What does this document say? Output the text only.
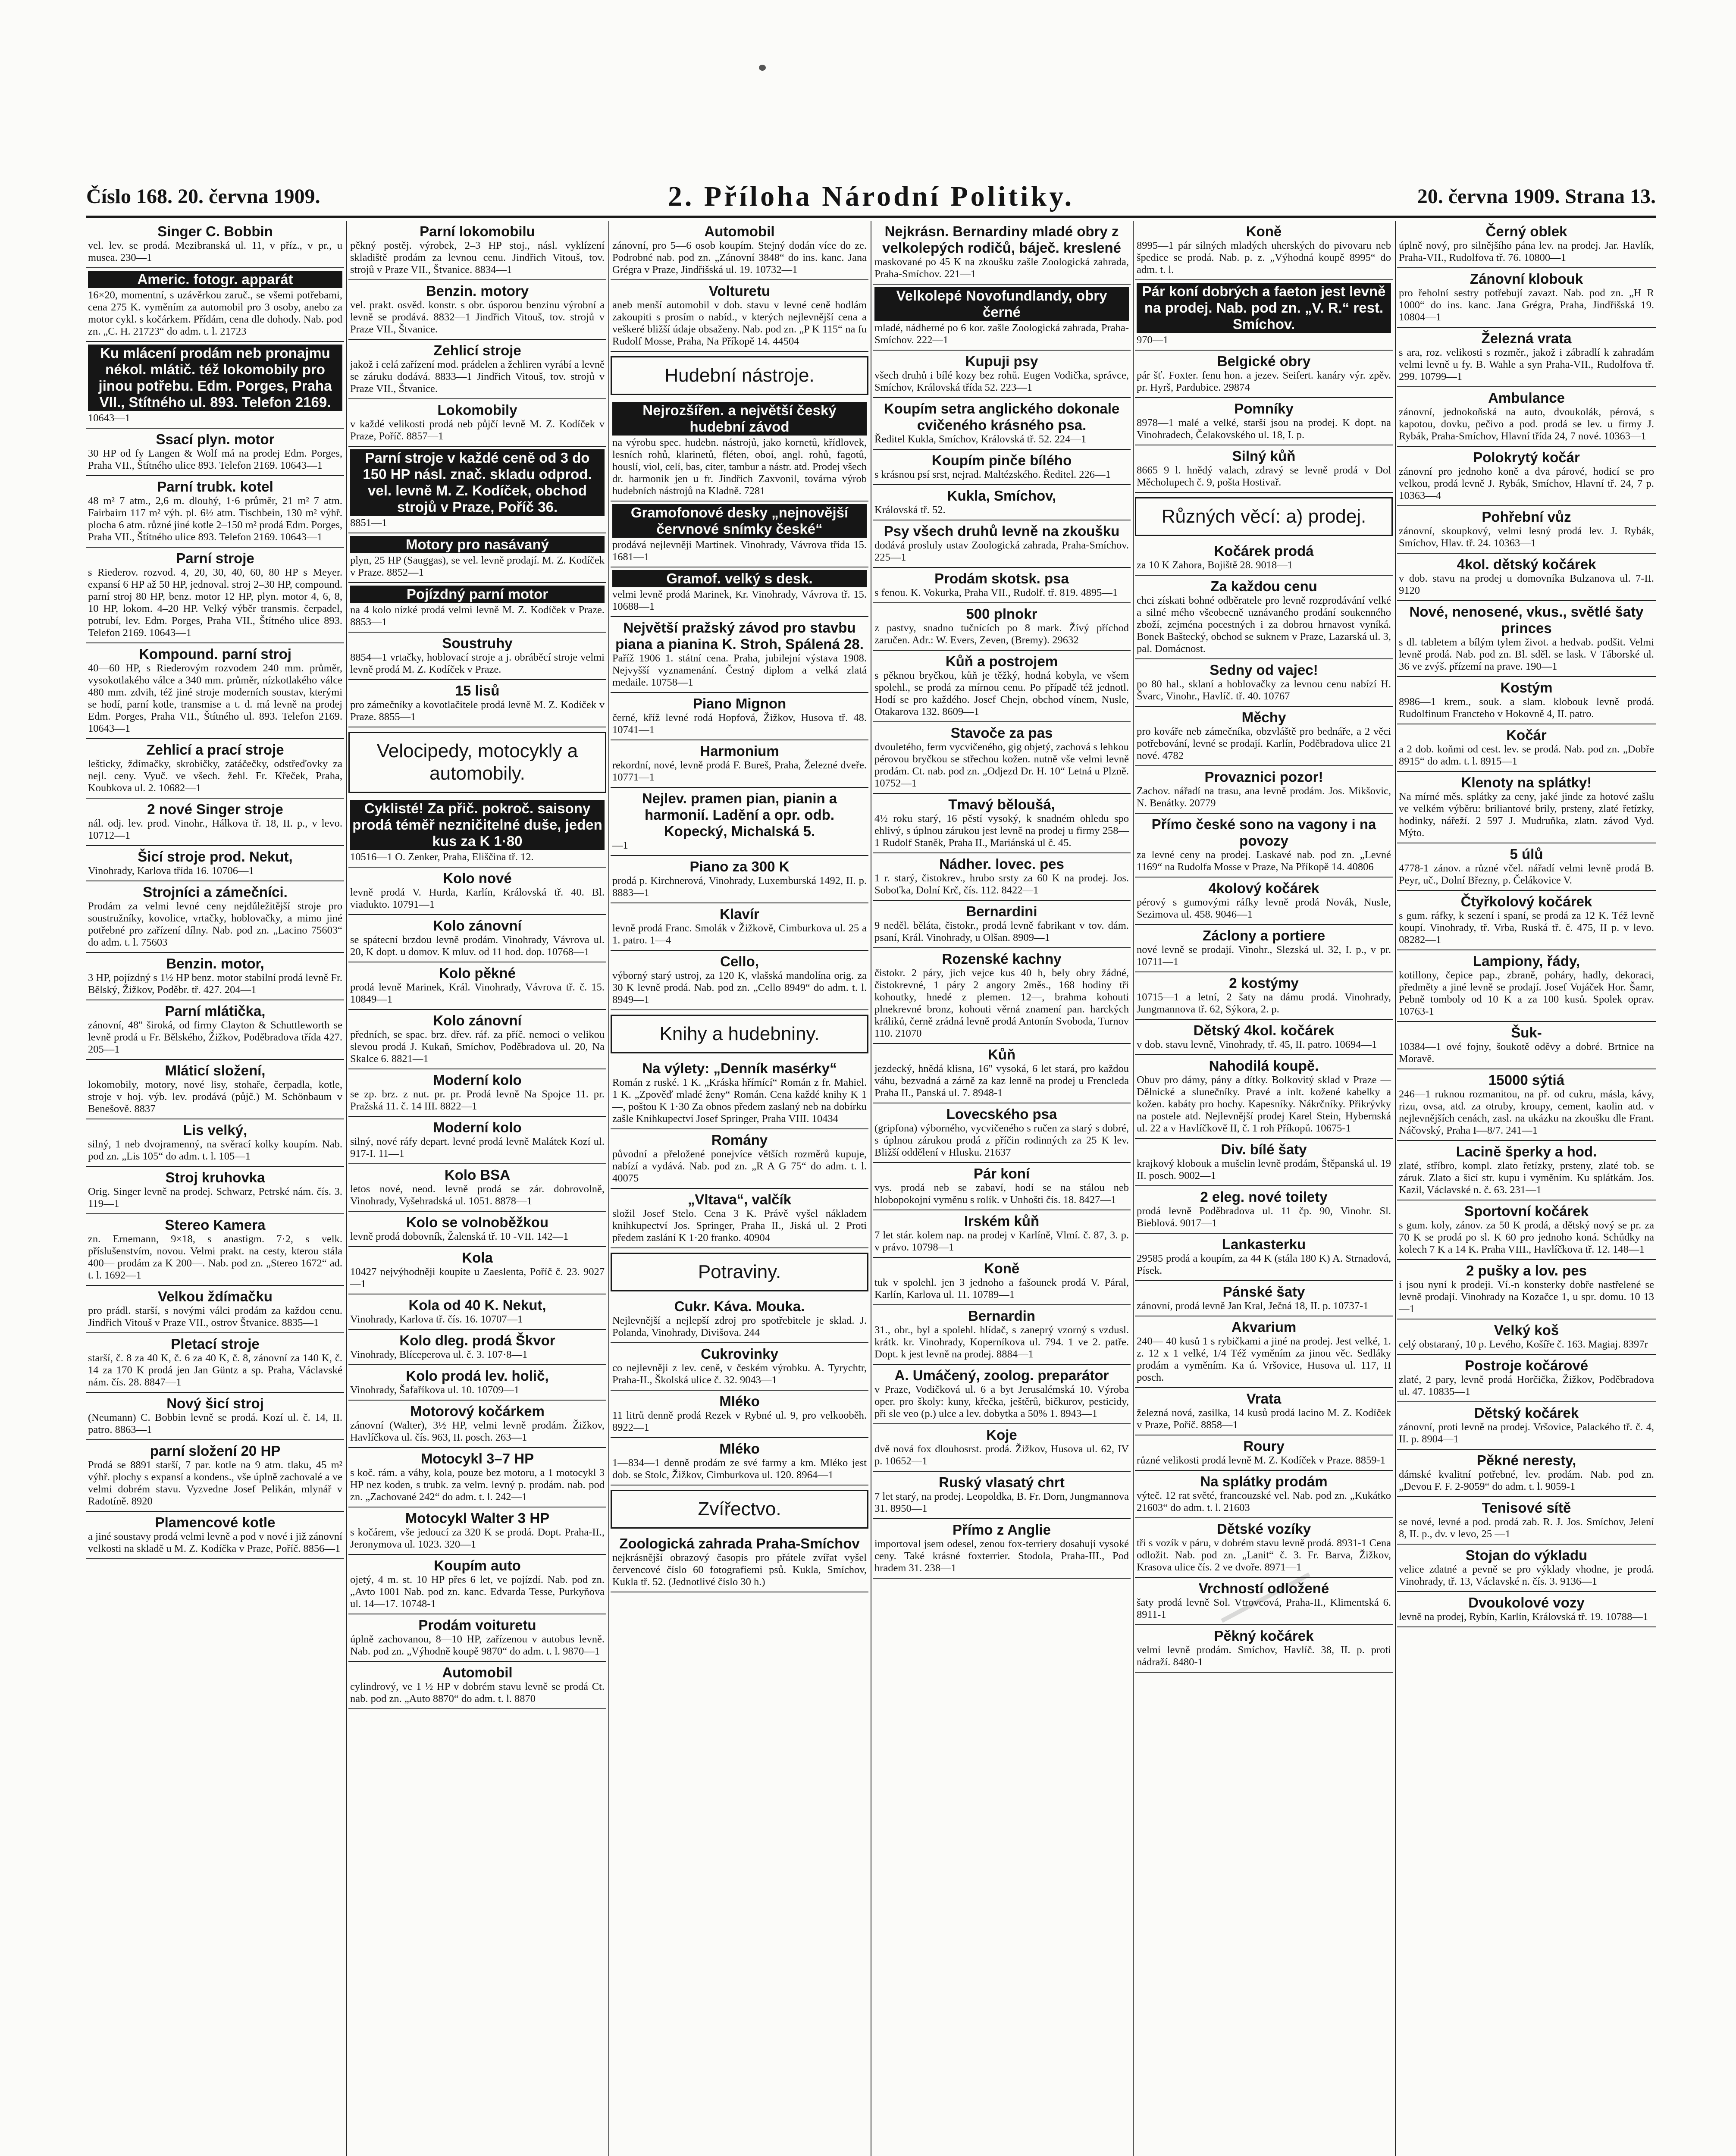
Číslo 168. 20. června 1909.	2. Příloha Národní Politiky.	20. června 1909. Strana 13.
Singer C. Bobbin
vel. lev. se prodá. Mezibranská ul. 11, v příz., v pr., u musea. 230—1
Americ. fotogr. apparát
16×20, momentní, s uzávěrkou zaruč., se všemi potřebami, cena 275 K. vyměním za automobil pro 3 osoby, anebo za motor cykl. s kočárkem. Přídám, cena dle dohody. Nab. pod zn. „C. H. 21723“ do adm. t. l. 21723
Ku mlácení prodám neb pronajmu nékol. mlátič. též lokomobily pro jinou potřebu. Edm. Porges, Praha VII., Stítného ul. 893. Telefon 2169.
10643—1
Ssací plyn. motor
30 HP od fy Langen & Wolf má na prodej Edm. Porges, Praha VII., Štítného ulice 893. Telefon 2169. 10643—1
Parní trubk. kotel
48 m² 7 atm., 2,6 m. dlouhý, 1·6 průměr, 21 m² 7 atm. Fairbairn 117 m² výh. pl. 6½ atm. Tischbein, 130 m² výhř. plocha 6 atm. různé jiné kotle 2–150 m² prodá Edm. Porges, Praha VII., Štítného ulice 893. Telefon 2169. 10643—1
Parní stroje
s Riederov. rozvod. 4, 20, 30, 40, 60, 80 HP s Meyer. expansí 6 HP až 50 HP, jednoval. stroj 2–30 HP, compound. parní stroj 80 HP, benz. motor 12 HP, plyn. motor 4, 6, 8, 10 HP, lokom. 4–20 HP. Velký výběr transmis. čerpadel, potrubí, lev. Edm. Porges, Praha VII., Štítného ulice 893. Telefon 2169. 10643—1
Kompound. parní stroj
40—60 HP, s Riederovým rozvodem 240 mm. průměr, vysokotlakého válce a 340 mm. průměr, nízkotlakého válce 480 mm. zdvih, též jiné stroje moderních soustav, kterými se hodí, parní kotle, transmise a t. d. má levně na prodej Edm. Porges, Praha VII., Štítného ul. 893. Telefon 2169. 10643—1
Zehlicí a prací stroje
lešticky, ždímačky, skrobičky, zatáčečky, odstřeďovky za nejl. ceny. Vyuč. ve všech. žehl. Fr. Křeček, Praha, Koubkova ul. 2. 10682—1
2 nové Singer stroje
nál. odj. lev. prod. Vinohr., Hálkova tř. 18, II. p., v levo. 10712—1
Šicí stroje prod. Nekut,
Vinohrady, Karlova třída 16. 10706—1
Strojníci a zámečníci.
Prodám za velmi levné ceny nejdůležitější stroje pro soustružníky, kovolice, vrtačky, hoblovačky, a mimo jiné potřebné pro zařízení dílny. Nab. pod zn. „Lacino 75603“ do adm. t. l. 75603
Benzin. motor,
3 HP, pojízdný s 1½ HP benz. motor stabilní prodá levně Fr. Bělský, Žižkov, Poděbr. tř. 427. 204—1
Parní mlátička,
zánovní, 48" široká, od firmy Clayton & Schuttleworth se levně prodá u Fr. Bělského, Žižkov, Poděbradova třída 427. 205—1
Mláticí složení,
lokomobily, motory, nové lisy, stohaře, čerpadla, kotle, stroje v hoj. výb. lev. prodává (půjč.) M. Schönbaum v Benešově. 8837
Lis velký,
silný, 1 neb dvojramenný, na svěrací kolky koupím. Nab. pod zn. „Lis 105“ do adm. t. l. 105—1
Stroj kruhovka
Orig. Singer levně na prodej. Schwarz, Petrské nám. čís. 3. 119—1
Stereo Kamera
zn. Ernemann, 9×18, s anastigm. 7·2, s velk. příslušenstvím, novou. Velmi prakt. na cesty, kterou stála 400— prodám za K 200—. Nab. pod zn. „Stereo 1672“ ad. t. l. 1692—1
Velkou ždímačku
pro prádl. starší, s novými válci prodám za každou cenu. Jindřich Vitouš v Praze VII., ostrov Štvanice. 8835—1
Pletací stroje
starší, č. 8 za 40 K, č. 6 za 40 K, č. 8, zánovní za 140 K, č. 14 za 170 K prodá jen Jan Güntz a sp. Praha, Václavské nám. čís. 28. 8847—1
Nový šicí stroj
(Neumann) C. Bobbin levně se prodá. Kozí ul. č. 14, II. patro. 8863—1
parní složení 20 HP
Prodá se 8891 starší, 7 par. kotle na 9 atm. tlaku, 45 m² výhř. plochy s expansí a kondens., vše úplně zachovalé a ve velmi dobrém stavu. Vyzvedne Josef Pelikán, mlynář v Radotíně. 8920
Plamencové kotle
a jiné soustavy prodá velmi levně a pod v nové i již zánovní velkosti na skladě u M. Z. Kodíčka v Praze, Poříč. 8856—1
Parní lokomobilu
pěkný postěj. výrobek, 2–3 HP stoj., násl. vyklízení skladiště prodám za levnou cenu. Jindřich Vitouš, tov. strojů v Praze VII., Štvanice. 8834—1
Benzin. motory
vel. prakt. osvěd. konstr. s obr. úsporou benzinu výrobní a levně se prodává. 8832—1 Jindřich Vitouš, tov. strojů v Praze VII., Štvanice.
Zehlicí stroje
jakož i celá zařízení mod. prádelen a žehliren vyrábí a levně se záruku dodává. 8833—1 Jindřich Vitouš, tov. strojů v Praze VII., Štvanice.
Lokomobily
v každé velikosti prodá neb půjčí levně M. Z. Kodíček v Praze, Poříč. 8857—1
Parní stroje v každé ceně od 3 do 150 HP násl. znač. skladu odprod. vel. levně M. Z. Kodíček, obchod strojů v Praze, Poříč 36.
8851—1
Motory pro nasávaný
plyn, 25 HP (Sauggas), se vel. levně prodají. M. Z. Kodíček v Praze. 8852—1
Pojízdný parní motor
na 4 kolo nízké prodá velmi levně M. Z. Kodíček v Praze. 8853—1
Soustruhy
8854—1 vrtačky, hoblovací stroje a j. obráběcí stroje velmi levně prodá M. Z. Kodíček v Praze.
15 lisů
pro zámečníky a kovotlačitele prodá levně M. Z. Kodíček v Praze. 8855—1
Velocipedy, motocykly a automobily.
Cyklisté! Za přič. pokroč. saisony prodá téměř nezničitelné duše, jeden kus za K 1·80
10516—1 O. Zenker, Praha, Eliščina tř. 12.
Kolo nové
levně prodá V. Hurda, Karlín, Královská tř. 40. Bl. viadukto. 10791—1
Kolo zánovní
se spátecní brzdou levně prodám. Vinohrady, Vávrova ul. 20, K dopt. u domov. K mluv. od 11 hod. dop. 10768—1
Kolo pěkné
prodá levně Marinek, Král. Vinohrady, Vávrova tř. č. 15. 10849—1
Kolo zánovní
předních, se spac. brz. dřev. ráf. za příč. nemoci o velikou slevou prodá J. Kukaň, Smíchov, Poděbradova ul. 20, Na Skalce 6. 8821—1
Moderní kolo
se zp. brz. z nut. pr. pr. Prodá levně Na Spojce 11. pr. Pražská 11. č. 14 III. 8822—1
Moderní kolo
silný, nové ráfy depart. levné prodá levně Malátek Kozí ul. 917-I. 11—1
Kolo BSA
letos nové, neod. levně prodá se zár. dobrovolně, Vinohrady, Vyšehradská ul. 1051. 8878—1
Kolo se volnoběžkou
levně prodá dobovník, Žalenská tř. 10 -VII. 142—1
Kola
10427 nejvýhodněji koupíte u Zaeslenta, Poříč č. 23. 9027—1
Kola od 40 K. Nekut,
Vinohrady, Karlova tř. čís. 16. 10707—1
Kolo dleg. prodá Škvor
Vinohrady, Blíceperova ul. č. 3. 107·8—1
Kolo prodá lev. holič,
Vinohrady, Šafaříkova ul. 10. 10709—1
Motorový kočárkem
zánovní (Walter), 3½ HP, velmi levně prodám. Žižkov, Havlíčkova ul. čís. 963, II. posch. 263—1
Motocykl 3–7 HP
s koč. rám. a váhy, kola, pouze bez motoru, a 1 motocykl 3 HP nez koden, s trubk. za velm. levný p. prodám. nab. pod zn. „Zachované 242“ do adm. t. l. 242—1
Motocykl Walter 3 HP
s kočárem, vše jedoucí za 320 K se prodá. Dopt. Praha-II., Jeronymova ul. 1023. 320—1
Koupím auto
ojetý, 4 m. st. 10 HP přes 6 let, ve pojízdí. Nab. pod zn. „Avto 1001 Nab. pod zn. kanc. Edvarda Tesse, Purkyňova ul. 14—17. 10748-1
Prodám voituretu
úplně zachovanou, 8—10 HP, zařízenou v autobus levně. Nab. pod zn. „Výhodně koupě 9870“ do adm. t. l. 9870—1
Automobil
cylindrový, ve 1 ½ HP v dobrém stavu levně se prodá Ct. nab. pod zn. „Auto 8870“ do adm. t. l. 8870
Automobil
zánovní, pro 5—6 osob koupím. Stejný dodán více do ze. Podrobné nab. pod zn. „Zánovní 3848“ do ins. kanc. Jana Grégra v Praze, Jindřišská ul. 19. 10732—1
Volturetu
aneb menší automobil v dob. stavu v levné ceně hodlám zakoupiti s prosím o nabíd., v kterých nejlevnější cena a veškeré bližší údaje obsaženy. Nab. pod zn. „P K 115“ na fu Rudolf Mosse, Praha, Na Příkopě 14. 44504
Hudební nástroje.
Nejrozšířen. a největší český hudební závod
na výrobu spec. hudebn. nástrojů, jako kornetů, křídlovek, lesních rohů, klarinetů, fléten, oboí, angl. rohů, fagotů, houslí, viol, celí, bas, citer, tambur a nástr. atd. Prodej všech dr. harmonik jen u fr. Jindřich Zaxvonil, továrna výrob hudebních nástrojů na Kladně. 7281
Gramofonové desky „nejnovější červnové snímky české“
prodává nejlevněji Martinek. Vinohrady, Vávrova třída 15. 1681—1
Gramof. velký s desk.
velmi levně prodá Marinek, Kr. Vinohrady, Vávrova tř. 15. 10688—1
Největší pražský závod pro stavbu piana a pianina K. Stroh, Spálená 28.
Paříž 1906 1. státní cena. Praha, jubilejní výstava 1908. Nejvyšší vyznamenání. Čestný diplom a velká zlatá medaile. 10758—1
Piano Mignon
černé, kříž levné rodá Hopfová, Žižkov, Husova tř. 48. 10741—1
Harmonium
rekordní, nové, levně prodá F. Bureš, Praha, Železné dveře. 10771—1
Nejlev. pramen pian, pianin a harmonií. Ladění a opr. odb. Kopecký, Michalská 5.
—1
Piano za 300 K
prodá p. Kirchnerová, Vinohrady, Luxemburská 1492, II. p. 8883—1
Klavír
levně prodá Franc. Smolák v Žižkově, Cimburkova ul. 25 a 1. patro. 1—4
Cello,
výborný starý ustroj, za 120 K, vlašská mandolína orig. za 30 K levně prodá. Nab. pod zn. „Cello 8949“ do adm. t. l. 8949—1
Knihy a hudebniny.
Na výlety: „Denník masérky“
Román z ruské. 1 K. „Kráska hřímící“ Román z fr. Mahiel. 1 K. „Zpověď mladé ženy“ Román. Cena každé knihy K 1—, poštou K 1·30 Za obnos předem zaslaný neb na dobírku zašle Knihkupectví Josef Springer, Praha VIII. 10434
Romány
původní a přeložené ponejvíce větších rozměrů kupuje, nabízí a vydává. Nab. pod zn. „R A G 75“ do adm. t. l. 40075
„Vltava“, valčík
složil Josef Stelo. Cena 3 K. Právě vyšel nákladem knihkupectví Jos. Springer, Praha II., Jiská ul. 2 Proti předem zaslání K 1·20 franko. 40904
Potraviny.
Cukr. Káva. Mouka.
Nejlevnější a nejlepší zdroj pro spotřebitele je sklad. J. Polanda, Vinohrady, Divišova. 244
Cukrovinky
co nejlevněji z lev. ceně, v českém výrobku. A. Tyrychtr, Praha-II., Školská ulice č. 32. 9043—1
Mléko
11 litrů denně prodá Rezek v Rybné ul. 9, pro velkooběh. 8922—1
Mléko
1—834—1 denně prodám ze své farmy a km. Mléko jest dob. se Stolc, Žižkov, Cimburkova ul. 120. 8964—1
Zvířectvo.
Zoologická zahrada Praha-Smíchov
nejkrásnější obrazový časopis pro přátele zvířat vyšel červencové číslo 60 fotografiemi psů. Kukla, Smíchov, Kukla tř. 52. (Jednotlivé číslo 30 h.)
Nejkrásn. Bernardiny mladé obry z velkolepých rodičů, báječ. kreslené
maskované po 45 K na zkoušku zašle Zoologická zahrada, Praha-Smíchov. 221—1
Velkolepé Novofundlandy, obry černé
mladé, nádherné po 6 kor. zašle Zoologická zahrada, Praha-Smíchov. 222—1
Kupuji psy
všech druhů i bílé kozy bez rohů. Eugen Vodička, správce, Smíchov, Královská třída 52. 223—1
Koupím setra anglického dokonale cvičeného krásného psa.
Ředitel Kukla, Smíchov, Královská tř. 52. 224—1
Koupím pinče bílého
s krásnou psí srst, nejrad. Maltézského. Ředitel. 226—1
Kukla, Smíchov,
Královská tř. 52.
Psy všech druhů levně na zkoušku
dodává prosluly ustav Zoologická zahrada, Praha-Smíchov. 225—1
Prodám skotsk. psa
s fenou. K. Vokurka, Praha VII., Rudolf. tř. 819. 4895—1
500 plnokr
z pastvy, snadno tučnících po 8 mark. Žívý příchod zaručen. Adr.: W. Evers, Zeven, (Bremy). 29632
Kůň a postrojem
s pěknou bryčkou, kůň je těžký, hodná kobyla, ve všem spolehl., se prodá za mírnou cenu. Po případě též jednotl. Hodí se pro každého. Josef Chejn, obchod vínem, Nusle, Otakarova 132. 8609—1
Stavoče za pas
dvouletého, ferm vycvičeného, gig objetý, zachová s lehkou pérovou bryčkou se střechou kožen. nutně vše velmi levně prodám. Ct. nab. pod zn. „Odjezd Dr. H. 10“ Letná u Plzně. 10752—1
Tmavý běloušá,
4½ roku starý, 16 pěstí vysoký, k snadném ohledu spo ehlivý, s úplnou zárukou jest levně na prodej u firmy 258—1 Rudolf Staněk, Praha II., Mariánská ul č. 45.
Nádher. lovec. pes
1 r. starý, čistokrev., hrubo srsty za 60 K na prodej. Jos. Soboťka, Dolní Krč, čís. 112. 8422—1
Bernardini
9 neděl. běláta, čistokr., prodá levně fabrikant v tov. dám. psaní, Král. Vinohrady, u Olšan. 8909—1
Rozenské kachny
čistokr. 2 páry, jich vejce kus 40 h, bely obry žádné, čistokrevné, 1 páry 2 angory 2měs., 168 hodiny tři kohoutky, hnedé z plemen. 12—, brahma kohouti plnekrevné bronz, kohouti věrná znamení pan. harckých králiků, černě zrádná levně prodá Antonín Svoboda, Turnov 110. 21070
Kůň
jezdecký, hnědá klisna, 16" vysoká, 6 let stará, pro každou váhu, bezvadná a zárně za kaz lenně na prodej u Frencleda Praha II., Panská ul. 7. 8948-1
Lovecského psa
(gripfona) výborného, vycvičeného s ručen za starý s dobré, s úplnou zárukou prodá z příčin rodinných za 25 K lev. Bližší oddělení v Hlusku. 21637
Pár koní
vys. prodá neb se zabaví, hodí se na stálou neb hlobopokojní vyměnu s rolík. v Unhošti čís. 18. 8427—1
Irském kůň
7 let stár. kolem nap. na prodej v Karlíně, Vlmí. č. 87, 3. p. v právo. 10798—1
Koně
tuk v spolehl. jen 3 jednoho a fašounek prodá V. Páral, Karlín, Karlova ul. 11. 10789—1
Bernardin
31., obr., byl a spolehl. hlídač, s zaneprý vzorný s vzdusl. krátk. kr. Vinohrady, Koperníkova ul. 794. 1 ve 2. patře. Dopt. k jest levně na prodej. 8884—1
A. Umáčený, zoolog. preparátor
v Praze, Vodičková ul. 6 a byt Jerusalémská 10. Výroba oper. pro školy: kuny, křečka, ještěrů, bičkurov, pesticidy, při sle veo (p.) ulce a lev. dobytka a 50% 1. 8943—1
Koje
dvě nová fox dlouhosrst. prodá. Žižkov, Husova ul. 62, IV p. 10652—1
Ruský vlasatý chrt
7 let starý, na prodej. Leopoldka, B. Fr. Dorn, Jungmannova 31. 8950—1
Přímo z Anglie
importoval jsem odesel, zenou fox-terriery dosahují vysoké ceny. Také krásné foxterrier. Stodola, Praha-III., Pod hradem 31. 238—1
Koně
8995—1 pár silných mladých uherských do pivovaru neb špedice se prodá. Nab. p. z. „Výhodná koupě 8995“ do adm. t. l.
Pár koní dobrých a faeton jest levně na prodej. Nab. pod zn. „V. R.“ rest. Smíchov.
970—1
Belgické obry
pár šť. Foxter. fenu hon. a jezev. Seifert. kanáry výr. zpěv. pr. Hyrš, Pardubice. 29874
Pomníky
8978—1 malé a velké, starší jsou na prodej. K dopt. na Vinohradech, Čelakovského ul. 18, I. p.
Silný kůň
8665 9 l. hnědý valach, zdravý se levně prodá v Dol Měcholupech č. 9, pošta Hostivař.
Různých věcí: a) prodej.
Kočárek prodá
za 10 K Zahora, Bojiště 28. 9018—1
Za každou cenu
chci získati bohné odběratele pro levně rozprodávání velké a silné mého všeobecně uznávaného prodání soukenného zboží, zejména pocestných i za dobrou hrnavost vyníká. Bonek Baštecký, obchod se suknem v Praze, Lazarská ul. 3, pal. Domácnost.
Sedny od vajec!
po 80 hal., sklaní a hoblovačky za levnou cenu nabízí H. Švarc, Vinohr., Havlíč. tř. 40. 10767
Měchy
pro kováře neb zámečníka, obzvláště pro bednáře, a 2 věci potřebování, levné se prodají. Karlín, Poděbradova ulice 21 nové. 4782
Provaznici pozor!
Zachov. nářadí na trasu, ana levně prodám. Jos. Mikšovic, N. Benátky. 20779
Přímo české sono na vagony i na povozy
za levné ceny na prodej. Laskavé nab. pod zn. „Levné 1169“ na Rudolfa Mosse v Praze, Na Příkopě 14. 40806
4kolový kočárek
pérový s gumovými ráfky levně prodá Novák, Nusle, Sezimova ul. 458. 9046—1
Záclony a portiere
nové levně se prodají. Vinohr., Slezská ul. 32, I. p., v pr. 10711—1
2 kostýmy
10715—1 a letní, 2 šaty na dámu prodá. Vinohrady, Jungmannova tř. 62, Sýkora, 2. p.
Dětský 4kol. kočárek
v dob. stavu levně, Vinohrady, tř. 45, II. patro. 10694—1
Nahodilá koupě.
Obuv pro dámy, pány a dítky. Bolkovitý sklad v Praze — Dělnické a slunečníky. Pravé a inlt. kožené kabelky a kožen. kabáty pro hochy. Kapesníky. Nákrčníky. Přikrývky na postele atd. Nejlevnější prodej Karel Stein, Hybernská ul. 22 a v Havlíčkově II, č. 1 roh Příkopů. 10675-1
Div. bílé šaty
krajkový klobouk a mušelin levně prodám, Štěpanská ul. 19 II. posch. 9002—1
2 eleg. nové toilety
prodá levně Poděbradova ul. 11 čp. 90, Vinohr. Sl. Bieblová. 9017—1
Lankasterku
29585 prodá a koupím, za 44 K (stála 180 K) A. Strnadová, Písek.
Pánské šaty
zánovní, prodá levně Jan Kral, Ječná 18, II. p. 10737-1
Akvarium
240— 40 kusů 1 s rybičkami a jiné na prodej. Jest velké, 1. z. 12 x 1 velké, 1/4 Též vyměním za jinou věc. Sedláky prodám a vyměním. Ka ú. Vršovice, Husova ul. 117, II posch.
Vrata
železná nová, zasilka, 14 kusů prodá lacino M. Z. Kodíček v Praze, Poříč. 8858—1
Roury
různé velikosti prodá levně M. Z. Kodíček v Praze. 8859-1
Na splátky prodám
výteč. 12 rat světé, francouzské vel. Nab. pod zn. „Kukátko 21603“ do adm. t. l. 21603
Dětské vozíky
tři s vozík v páru, v dobrém stavu levně prodá. 8931-1 Cena odložit. Nab. pod zn. „Lanit“ č. 3. Fr. Barva, Žižkov, Krasova ulice čís. 2 ve dvoře. 8971—1
Vrchností odložené
šaty prodá levně Sol. Vtrovcová, Praha-II., Klimentská 6. 8911-1
Pěkný kočárek
velmi levně prodám. Smíchov, Havlíč. 38, II. p. proti nádraží. 8480-1
Černý oblek
úplně nový, pro silnějšího pána lev. na prodej. Jar. Havlík, Praha-VII., Rudolfova tř. 76. 10800—1
Zánovní klobouk
pro řeholní sestry potřebují zavazt. Nab. pod zn. „H R 1000“ do ins. kanc. Jana Grégra, Praha, Jindřišská 19. 10804—1
Železná vrata
s ara, roz. velikosti s rozměr., jakož i zábradlí k zahradám velmi levně u fy. B. Wahle a syn Praha-VII., Rudolfova tř. 299. 10799—1
Ambulance
zánovní, jednokoňská na auto, dvoukolák, pérová, s kapotou, dovku, pečivo a pod. prodá se lev. u firmy J. Rybák, Praha-Smíchov, Hlavní třída 24, 7 nové. 10363—1
Polokrytý kočár
zánovní pro jednoho koně a dva párové, hodicí se pro velkou, prodá levně J. Rybák, Smíchov, Hlavní tř. 24, 7 p. 10363—4
Pohřební vůz
zánovní, skoupkový, velmi lesný prodá lev. J. Rybák, Smíchov, Hlav. tř. 24. 10363—1
4kol. dětský kočárek
v dob. stavu na prodej u domovníka Bulzanova ul. 7-II. 9120
Nové, nenosené, vkus., světlé šaty princes
s dl. tabletem a bílým tylem život. a hedvab. podšit. Velmi levně prodá. Nab. pod zn. Bl. sděl. se lask. V Táborské ul. 36 ve zvýš. přízemí na prave. 190—1
Kostým
8986—1 krem., souk. a slam. klobouk levně prodá. Rudolfinum Francteho v Hokovně 4, II. patro.
Kočár
a 2 dob. koňmi od cest. lev. se prodá. Nab. pod zn. „Dobře 8915“ do adm. t. l. 8915—1
Klenoty na splátky!
Na mírné měs. splátky za ceny, jaké jinde za hotové zašlu ve velkém výběru: briliantové brily, prsteny, zlaté řetízky, hodinky, nářeží. 2 597 J. Mudruňka, zlatn. závod Vyd. Mýto.
5 úlů
4778-1 zánov. a různé včel. nářadí velmi levně prodá B. Peyr, uč., Dolní Březny, p. Čelákovice V.
Čtyřkolový kočárek
s gum. ráfky, k sezení i spaní, se prodá za 12 K. Též levně koupí. Vinohrady, tř. Vrba, Ruská tř. č. 475, II p. v levo. 08282—1
Lampiony, řády,
kotillony, čepice pap., zbraně, poháry, hadly, dekoraci, předměty a jiné levně se prodají. Josef Vojáček Hor. Šamr, Pebně tomboly od 10 K a za 100 kusů. Spolek oprav. 10763-1
Šuk-
10384—1 ové fojny, šoukotě oděvy a dobré. Brtnice na Moravě.
15000 sýtiá
246—1 ruknou rozmanitou, na př. od cukru, másla, kávy, rizu, ovsa, atd. za otruby, kroupy, cement, kaolin atd. v nejlevnějších cenách, zasl. na ukázku na zkoušku dle Frant. Náčovský, Praha I—8/7. 241—1
Lacině šperky a hod.
zlaté, stříbro, kompl. zlato řetízky, prsteny, zlaté tob. se záruk. Zlato a šicí str. kupu i vyměním. Ku splátkám. Jos. Kazil, Václavské n. č. 63. 231—1
Sportovní kočárek
s gum. koly, zánov. za 50 K prodá, a dětský nový se pr. za 70 K se prodá po sl. K 60 pro jednoho koná. Schůdky na kolech 7 K a 14 K. Praha VIII., Havlíčkova tř. 12. 148—1
2 pušky a lov. pes
i jsou nyní k prodeji. Ví.-n konsterky dobře nastřelené se levně prodají. Vinohrady na Kozačce 1, u spr. domu. 10 13—1
Velký koš
celý obstaraný, 10 p. Levého, Košíře č. 163. Magiaj. 8397r
Postroje kočárové
zlaté, 2 pary, levně prodá Horčička, Žižkov, Poděbradova ul. 47. 10835—1
Dětský kočárek
zánovní, proti levně na prodej. Vršovice, Palackého tř. č. 4, II. p. 8904—1
Pěkné neresty,
dámské kvalitní potřebné, lev. prodám. Nab. pod zn. „Devou F. F. 2-9059“ do adm. t. l. 9059-1
Tenisové sítě
se nové, levné a pod. prodá zab. R. J. Jos. Smíchov, Jelení 8, II. p., dv. v levo, 25 —1
Stojan do výkladu
velice zdatné a pevně se pro výklady vhodne, je prodá. Vinohrady, tř. 13, Václavské n. čís. 3. 9136—1
Dvoukolové vozy
levně na prodej, Rybín, Karlín, Královská tř. 19. 10788—1
